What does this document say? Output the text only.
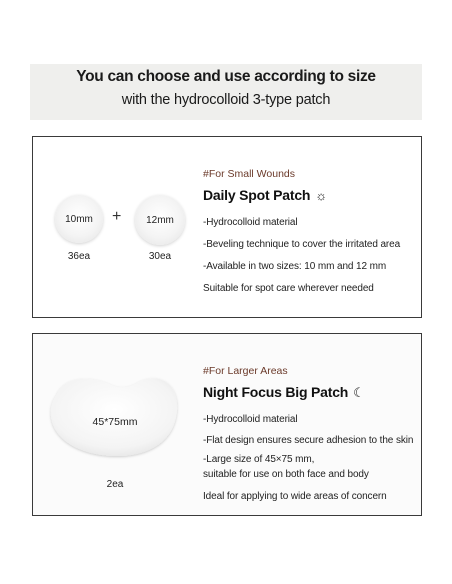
You can choose and use according to size
with the hydrocolloid 3-type patch
10mm + 12mm
36ea	30ea
#For Small Wounds
Daily Spot Patch ☼
-Hydrocolloid material
-Beveling technique to cover the irritated area
-Available in two sizes: 10 mm and 12 mm
Suitable for spot care wherever needed
45*75mm
2ea
#For Larger Areas
Night Focus Big Patch ☾
-Hydrocolloid material
-Flat design ensures secure adhesion to the skin
-Large size of 45×75 mm,
suitable for use on both face and body
Ideal for applying to wide areas of concern
